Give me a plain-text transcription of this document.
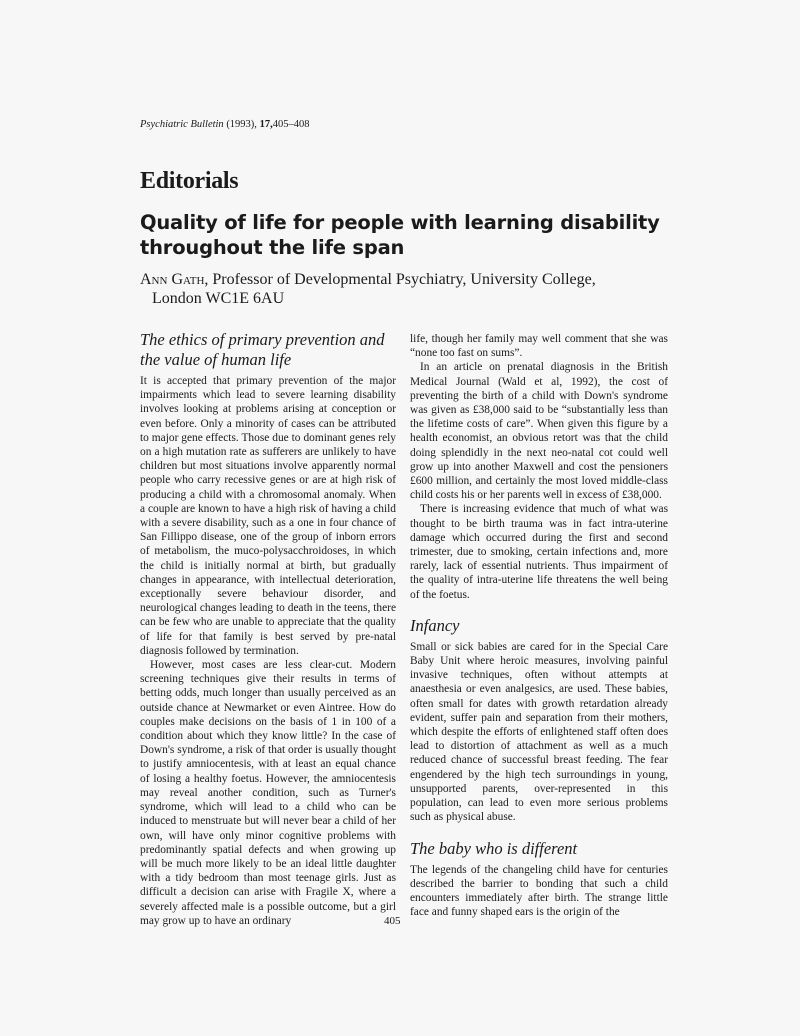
Psychiatric Bulletin (1993), 17,405–408
Editorials
Quality of life for people with learning disability throughout the life span
Ann Gath, Professor of Developmental Psychiatry, University College,
London WC1E 6AU
The ethics of primary prevention and the value of human life

It is accepted that primary prevention of the major impairments which lead to severe learning disability involves looking at problems arising at conception or even before. Only a minority of cases can be attributed to major gene effects. Those due to dominant genes rely on a high mutation rate as sufferers are unlikely to have children but most situations involve apparently normal people who carry recessive genes or are at high risk of producing a child with a chromosomal anomaly. When a couple are known to have a high risk of having a child with a severe disability, such as a one in four chance of San Fillippo disease, one of the group of inborn errors of metabolism, the muco-polysacchroidoses, in which the child is initially normal at birth, but gradually changes in appearance, with intellectual deterioration, exceptionally severe behaviour disorder, and neurological changes leading to death in the teens, there can be few who are unable to appreciate that the quality of life for that family is best served by pre-natal diagnosis followed by termination.

However, most cases are less clear-cut. Modern screening techniques give their results in terms of betting odds, much longer than usually perceived as an outside chance at Newmarket or even Aintree. How do couples make decisions on the basis of 1 in 100 of a condition about which they know little? In the case of Down's syndrome, a risk of that order is usually thought to justify amniocentesis, with at least an equal chance of losing a healthy foetus. However, the amniocentesis may reveal another condition, such as Turner's syndrome, which will lead to a child who can be induced to menstruate but will never bear a child of her own, will have only minor cognitive problems with predominantly spatial defects and when growing up will be much more likely to be an ideal little daughter with a tidy bedroom than most teenage girls. Just as difficult a decision can arise with Fragile X, where a severely affected male is a possible outcome, but a girl may grow up to have an ordinary

life, though her family may well comment that she was “none too fast on sums”.

In an article on prenatal diagnosis in the British Medical Journal (Wald et al, 1992), the cost of preventing the birth of a child with Down's syndrome was given as £38,000 said to be “substantially less than the lifetime costs of care”. When given this figure by a health economist, an obvious retort was that the child doing splendidly in the next neo-natal cot could well grow up into another Maxwell and cost the pensioners £600 million, and certainly the most loved middle-class child costs his or her parents well in excess of £38,000.

There is increasing evidence that much of what was thought to be birth trauma was in fact intra-uterine damage which occurred during the first and second trimester, due to smoking, certain infections and, more rarely, lack of essential nutrients. Thus impairment of the quality of intra-uterine life threatens the well being of the foetus.

Infancy

Small or sick babies are cared for in the Special Care Baby Unit where heroic measures, involving painful invasive techniques, often without attempts at anaesthesia or even analgesics, are used. These babies, often small for dates with growth retardation already evident, suffer pain and separation from their mothers, which despite the efforts of enlightened staff often does lead to distortion of attachment as well as a much reduced chance of successful breast feeding. The fear engendered by the high tech surroundings in young, unsupported parents, over-represented in this population, can lead to even more serious problems such as physical abuse.

The baby who is different

The legends of the changeling child have for centuries described the barrier to bonding that such a child encounters immediately after birth. The strange little face and funny shaped ears is the origin of the

405
